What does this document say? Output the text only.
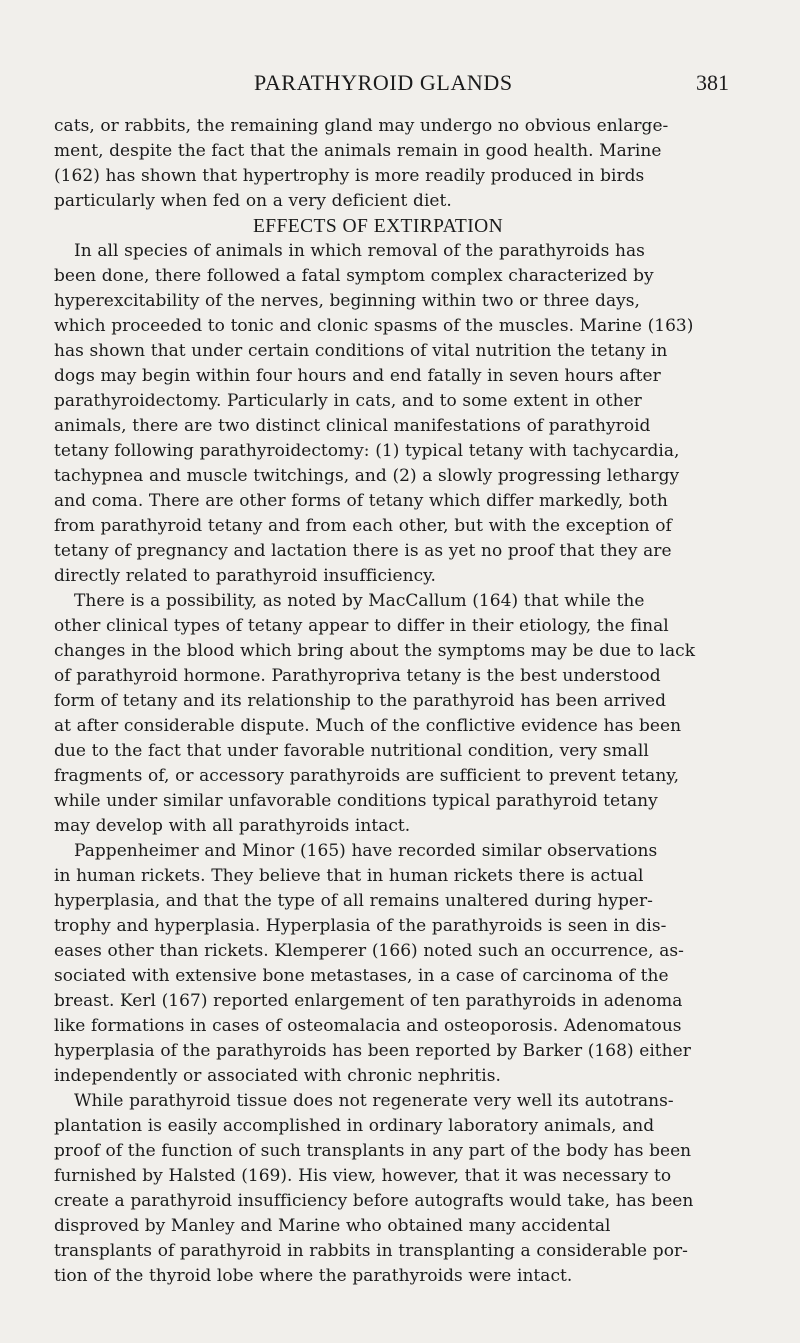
PARATHYROID GLANDS	381
cats, or rabbits, the remaining gland may undergo no obvious enlarge-
ment, despite the fact that the animals remain in good health. Marine
(162) has shown that hypertrophy is more readily produced in birds
particularly when fed on a very deficient diet.
EFFECTS OF EXTIRPATION
In all species of animals in which removal of the parathyroids has
been done, there followed a fatal symptom complex characterized by
hyperexcitability of the nerves, beginning within two or three days,
which proceeded to tonic and clonic spasms of the muscles. Marine (163)
has shown that under certain conditions of vital nutrition the tetany in
dogs may begin within four hours and end fatally in seven hours after
parathyroidectomy. Particularly in cats, and to some extent in other
animals, there are two distinct clinical manifestations of parathyroid
tetany following parathyroidectomy: (1) typical tetany with tachycardia,
tachypnea and muscle twitchings, and (2) a slowly progressing lethargy
and coma. There are other forms of tetany which differ markedly, both
from parathyroid tetany and from each other, but with the exception of
tetany of pregnancy and lactation there is as yet no proof that they are
directly related to parathyroid insufficiency.
There is a possibility, as noted by MacCallum (164) that while the
other clinical types of tetany appear to differ in their etiology, the final
changes in the blood which bring about the symptoms may be due to lack
of parathyroid hormone. Parathyropriva tetany is the best understood
form of tetany and its relationship to the parathyroid has been arrived
at after considerable dispute. Much of the conflictive evidence has been
due to the fact that under favorable nutritional condition, very small
fragments of, or accessory parathyroids are sufficient to prevent tetany,
while under similar unfavorable conditions typical parathyroid tetany
may develop with all parathyroids intact.
Pappenheimer and Minor (165) have recorded similar observations
in human rickets. They believe that in human rickets there is actual
hyperplasia, and that the type of all remains unaltered during hyper-
trophy and hyperplasia. Hyperplasia of the parathyroids is seen in dis-
eases other than rickets. Klemperer (166) noted such an occurrence, as-
sociated with extensive bone metastases, in a case of carcinoma of the
breast. Kerl (167) reported enlargement of ten parathyroids in adenoma
like formations in cases of osteomalacia and osteoporosis. Adenomatous
hyperplasia of the parathyroids has been reported by Barker (168) either
independently or associated with chronic nephritis.
While parathyroid tissue does not regenerate very well its autotrans-
plantation is easily accomplished in ordinary laboratory animals, and
proof of the function of such transplants in any part of the body has been
furnished by Halsted (169). His view, however, that it was necessary to
create a parathyroid insufficiency before autografts would take, has been
disproved by Manley and Marine who obtained many accidental
transplants of parathyroid in rabbits in transplanting a considerable por-
tion of the thyroid lobe where the parathyroids were intact.
